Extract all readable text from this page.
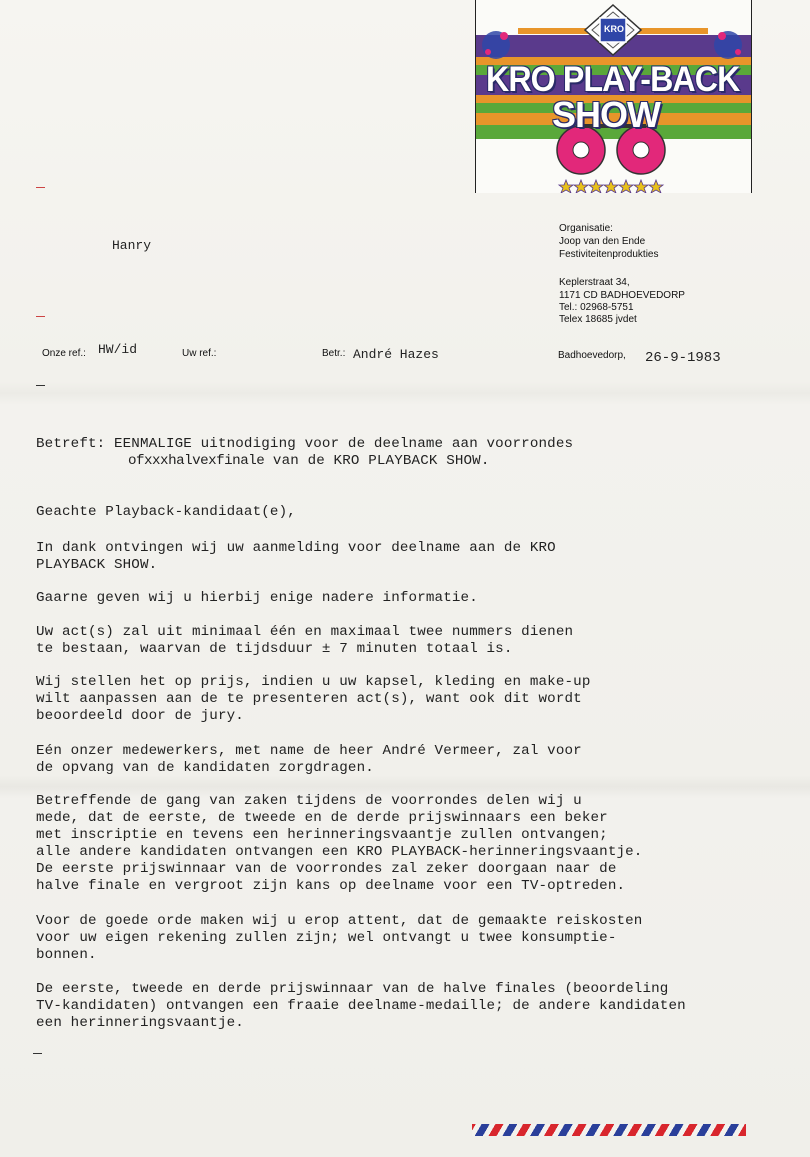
KRO PLAY-BACK
SHOW
KRO
Hanry
Organisatie:
Joop van den Ende
Festiviteitenprodukties
Keplerstraat 34,
1171 CD BADHOEVEDORP
Tel.: 02968-5751
Telex 18685 jvdet
Onze ref.: HW/id	Uw ref.:	Betr.: André Hazes	Badhoevedorp, 26-9-1983
Betreft: EENMALIGE uitnodiging voor de deelname aan voorrondes
ofxxxhalvexfinale van de KRO PLAYBACK SHOW.
Geachte Playback-kandidaat(e),
In dank ontvingen wij uw aanmelding voor deelname aan de KRO
PLAYBACK SHOW.
Gaarne geven wij u hierbij enige nadere informatie.
Uw act(s) zal uit minimaal één en maximaal twee nummers dienen
te bestaan, waarvan de tijdsduur ± 7 minuten totaal is.
Wij stellen het op prijs, indien u uw kapsel, kleding en make-up
wilt aanpassen aan de te presenteren act(s), want ook dit wordt
beoordeeld door de jury.
Eén onzer medewerkers, met name de heer André Vermeer, zal voor
de opvang van de kandidaten zorgdragen.
Betreffende de gang van zaken tijdens de voorrondes delen wij u
mede, dat de eerste, de tweede en de derde prijswinnaars een beker
met inscriptie en tevens een herinneringsvaantje zullen ontvangen;
alle andere kandidaten ontvangen een KRO PLAYBACK-herinneringsvaantje.
De eerste prijswinnaar van de voorrondes zal zeker doorgaan naar de
halve finale en vergroot zijn kans op deelname voor een TV-optreden.
Voor de goede orde maken wij u erop attent, dat de gemaakte reiskosten
voor uw eigen rekening zullen zijn; wel ontvangt u twee konsumptie-
bonnen.
De eerste, tweede en derde prijswinnaar van de halve finales (beoordeling
TV-kandidaten) ontvangen een fraaie deelname-medaille; de andere kandidaten
een herinneringsvaantje.
